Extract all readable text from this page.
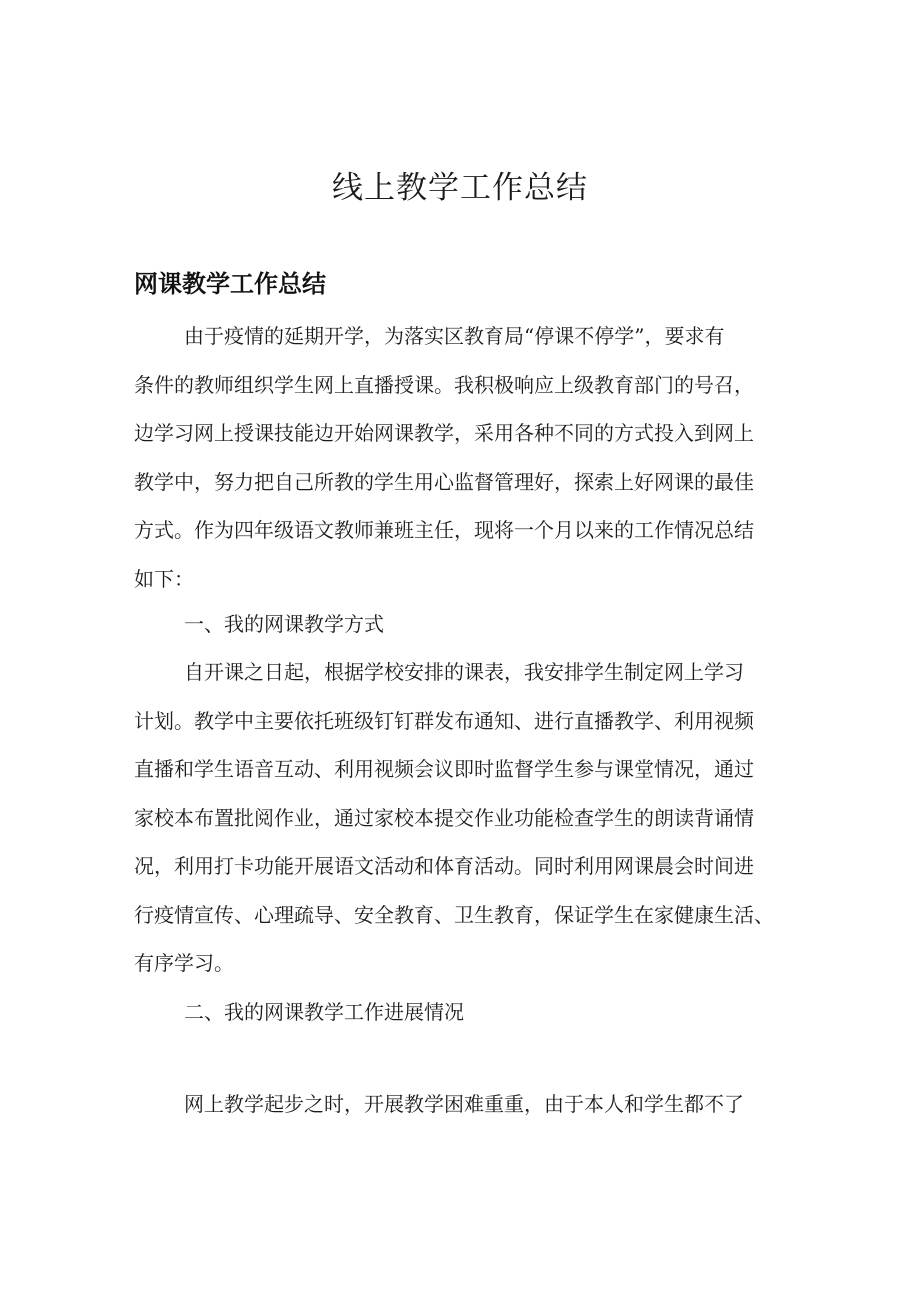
线上教学工作总结
网课教学工作总结

由于疫情的延期开学，为落实区教育局“停课不停学”，要求有
条件的教师组织学生网上直播授课。我积极响应上级教育部门的号召，
边学习网上授课技能边开始网课教学，采用各种不同的方式投入到网上
教学中，努力把自己所教的学生用心监督管理好，探索上好网课的最佳
方式。作为四年级语文教师兼班主任，现将一个月以来的工作情况总结
如下：

一、我的网课教学方式

自开课之日起，根据学校安排的课表，我安排学生制定网上学习
计划。教学中主要依托班级钉钉群发布通知、进行直播教学、利用视频
直播和学生语音互动、利用视频会议即时监督学生参与课堂情况，通过
家校本布置批阅作业，通过家校本提交作业功能检查学生的朗读背诵情
况，利用打卡功能开展语文活动和体育活动。同时利用网课晨会时间进
行疫情宣传、心理疏导、安全教育、卫生教育，保证学生在家健康生活、
有序学习。

二、我的网课教学工作进展情况

网上教学起步之时，开展教学困难重重，由于本人和学生都不了
